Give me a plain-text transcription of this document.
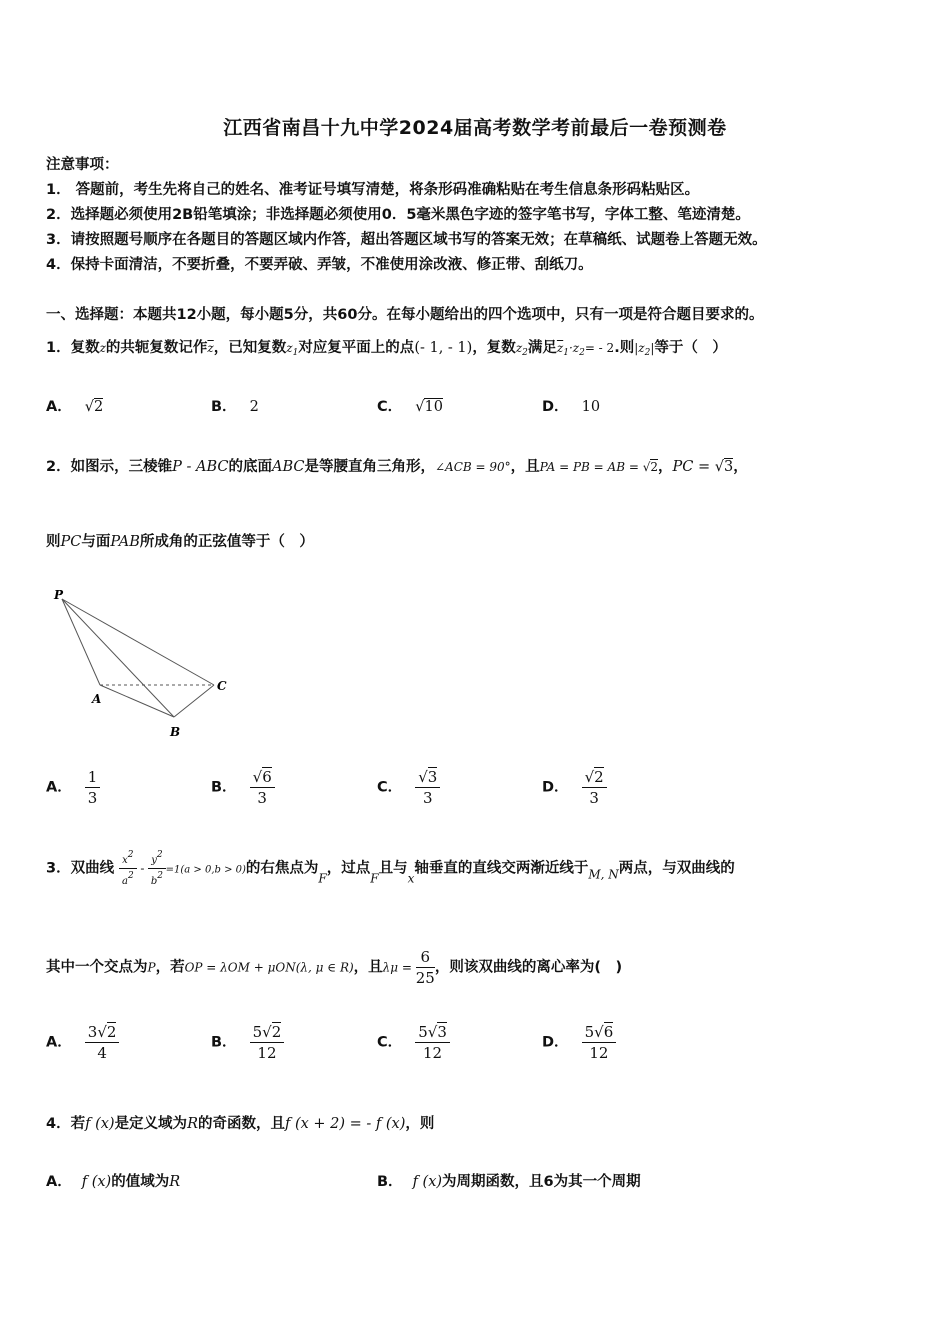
江西省南昌十九中学2024届高考数学考前最后一卷预测卷
注意事项：
1． 答题前，考生先将自己的姓名、准考证号填写清楚，将条形码准确粘贴在考生信息条形码粘贴区。
2．选择题必须使用2B铅笔填涂；非选择题必须使用0．5毫米黑色字迹的签字笔书写，字体工整、笔迹清楚。
3．请按照题号顺序在各题目的答题区域内作答，超出答题区域书写的答案无效；在草稿纸、试题卷上答题无效。
4．保持卡面清洁，不要折叠，不要弄破、弄皱，不准使用涂改液、修正带、刮纸刀。
一、选择题：本题共12小题，每小题5分，共60分。在每小题给出的四个选项中，只有一项是符合题目要求的。
1．复数z的共轭复数记作$\overline{z}$，已知复数$z_1$对应复平面上的点(- 1, - 1)，复数$z_2$满足$\overline{z}_1\cdot z_2= - 2$.则$|z_2|$等于（　）
A． √2	B． 2	C． √10	D． 10
2．如图示，三棱锥P - ABC的底面ABC是等腰直角三角形，∠ACB = 90°，且PA = PB = AB = √2，PC = √3，
则PC与面PAB所成角的正弦值等于（　）
P
A
B
C
A． $\frac{1}{3}$	B． $\frac{√6}{3}$	C． $\frac{√3}{3}$	D． $\frac{√2}{3}$
3．双曲线 $\frac{x2}{a2} - \frac{y2}{b2} =1(a > 0,b > 0)$的右焦点为$_F$，过点$_F$且与$_x$轴垂直的直线交两渐近线于$_{M, N}$两点，与双曲线的
其中一个交点为P，若OP = λOM + μON(λ, μ ∈ R)，且$\lambda\mu = \frac{6}{25}$ ，则该双曲线的离心率为(　)
A． $\frac{3√2}{4}$	B． $\frac{5√2}{12}$	C． $\frac{5√3}{12}$	D． $\frac{5√6}{12}$
4．若f (x)是定义域为R的奇函数，且f (x + 2) = - f (x)，则
A． f (x)的值域为R	B． f (x)为周期函数，且6为其一个周期
